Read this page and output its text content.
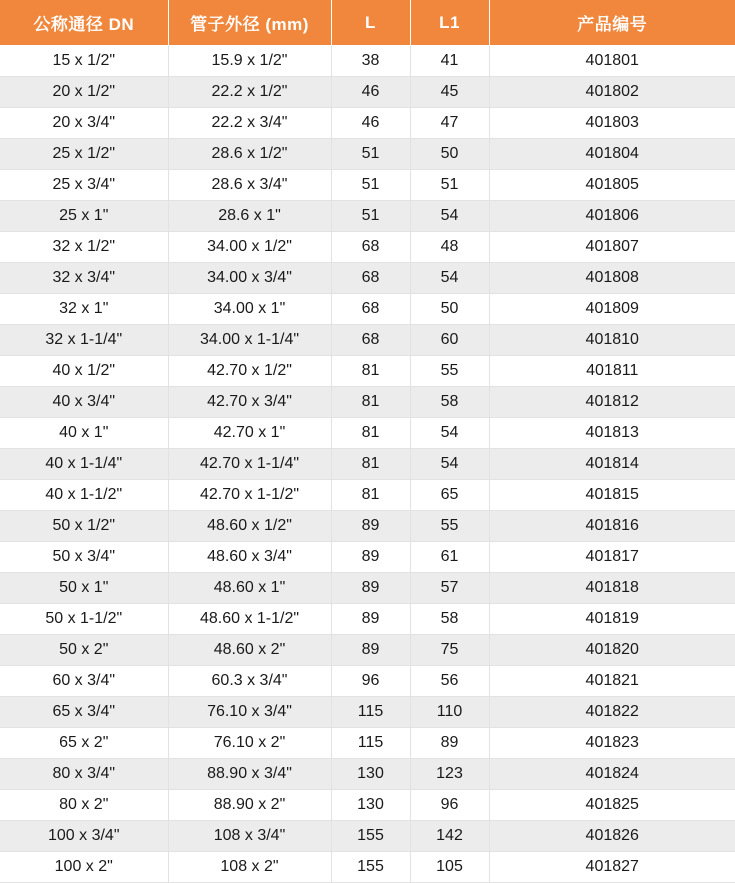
公称通径 DN	管子外径 (mm)	L	L1	产品编号
15 x 1/2"	15.9 x 1/2"	38	41	401801
20 x 1/2"	22.2 x 1/2"	46	45	401802
20 x 3/4"	22.2 x 3/4"	46	47	401803
25 x 1/2"	28.6 x 1/2"	51	50	401804
25 x 3/4"	28.6 x 3/4"	51	51	401805
25 x 1"	28.6 x 1"	51	54	401806
32 x 1/2"	34.00 x 1/2"	68	48	401807
32 x 3/4"	34.00 x 3/4"	68	54	401808
32 x 1"	34.00 x 1"	68	50	401809
32 x 1-1/4"	34.00 x 1-1/4"	68	60	401810
40 x 1/2"	42.70 x 1/2"	81	55	401811
40 x 3/4"	42.70 x 3/4"	81	58	401812
40 x 1"	42.70 x 1"	81	54	401813
40 x 1-1/4"	42.70 x 1-1/4"	81	54	401814
40 x 1-1/2"	42.70 x 1-1/2"	81	65	401815
50 x 1/2"	48.60 x 1/2"	89	55	401816
50 x 3/4"	48.60 x 3/4"	89	61	401817
50 x 1"	48.60 x 1"	89	57	401818
50 x 1-1/2"	48.60 x 1-1/2"	89	58	401819
50 x 2"	48.60 x 2"	89	75	401820
60 x 3/4"	60.3 x 3/4"	96	56	401821
65 x 3/4"	76.10 x 3/4"	115	110	401822
65 x 2"	76.10 x 2"	115	89	401823
80 x 3/4"	88.90 x 3/4"	130	123	401824
80 x 2"	88.90 x 2"	130	96	401825
100 x 3/4"	108 x 3/4"	155	142	401826
100 x 2"	108 x 2"	155	105	401827
